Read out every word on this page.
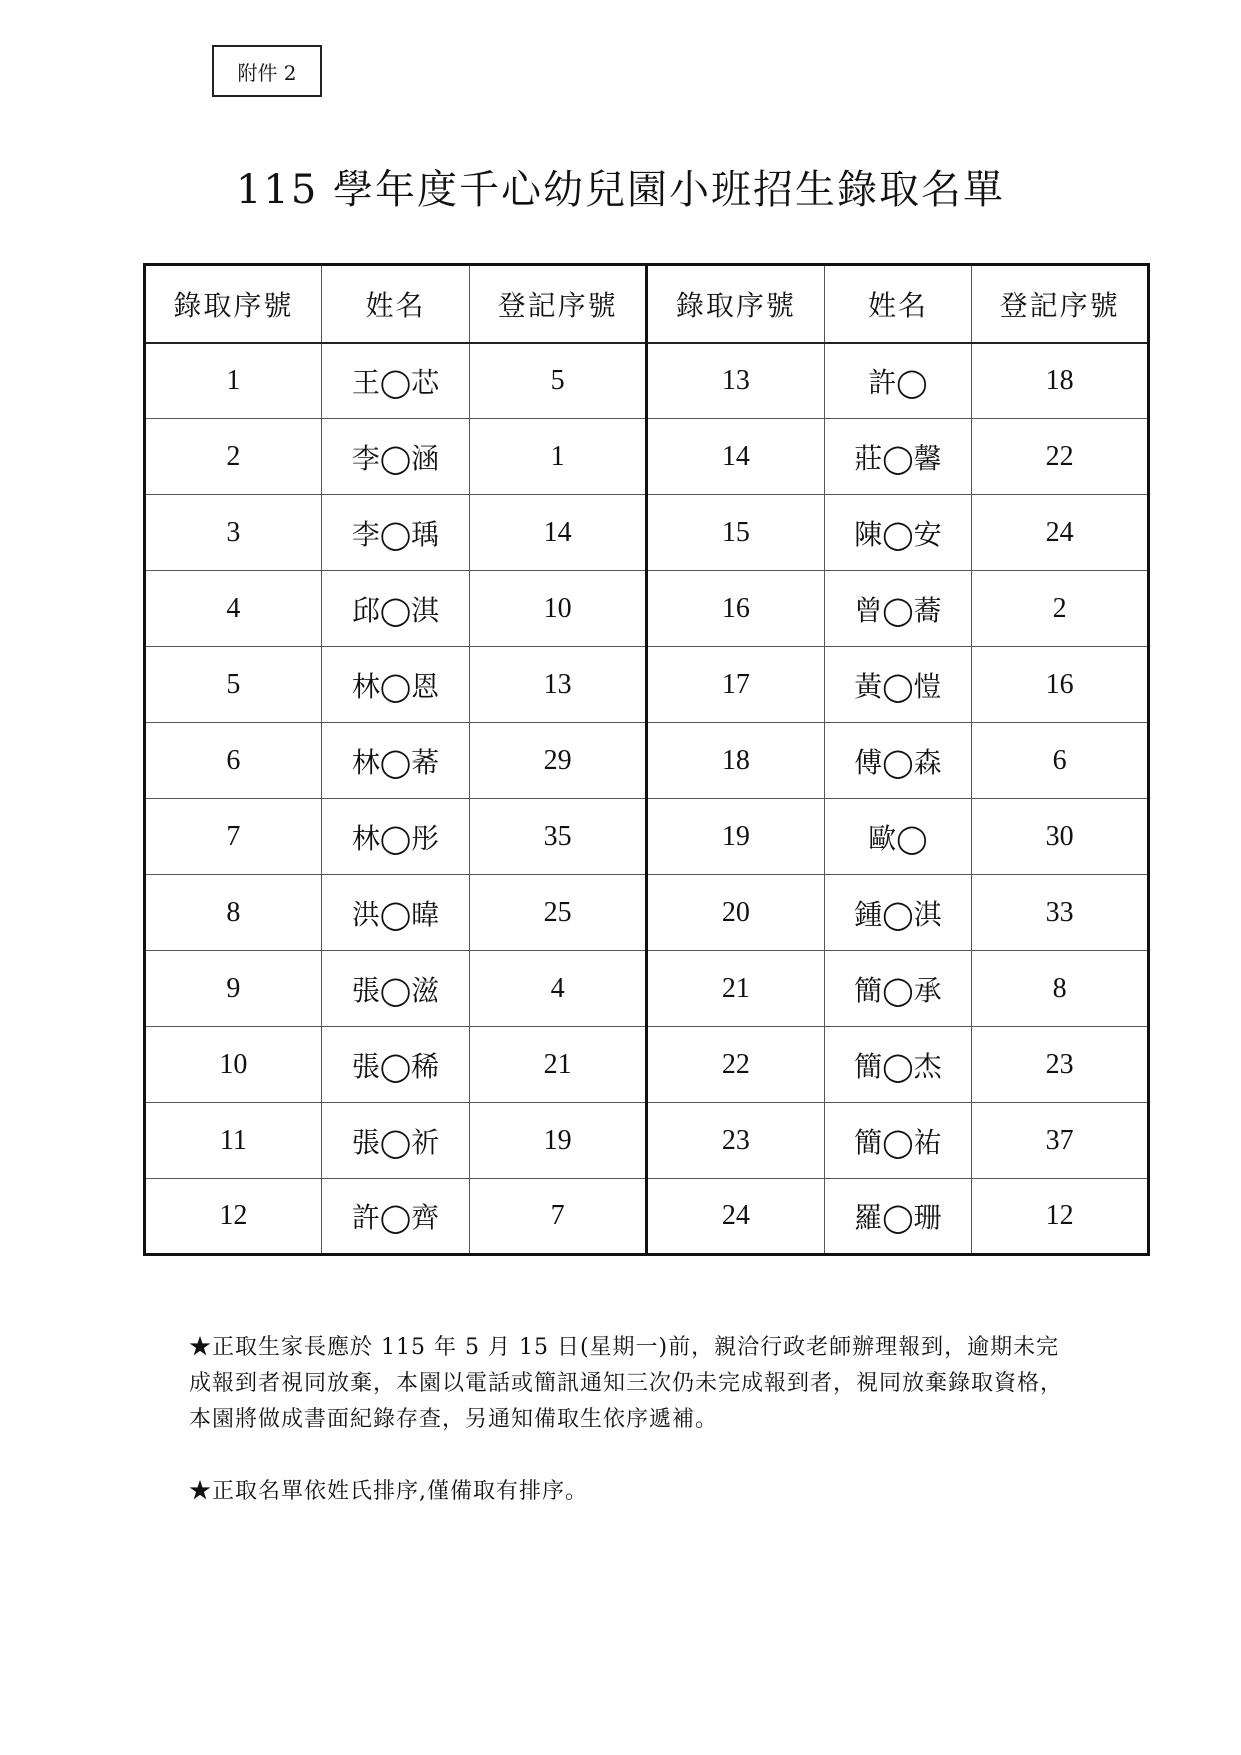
附件 2
115 學年度千心幼兒園小班招生錄取名單
錄取序號	姓名	登記序號	錄取序號	姓名	登記序號
1	王◯芯	5	13	許◯	18
2	李◯涵	1	14	莊◯馨	22
3	李◯瑀	14	15	陳◯安	24
4	邱◯淇	10	16	曾◯蕎	2
5	林◯恩	13	17	黃◯愷	16
6	林◯莃	29	18	傅◯森	6
7	林◯彤	35	19	歐◯	30
8	洪◯暐	25	20	鍾◯淇	33
9	張◯滋	4	21	簡◯承	8
10	張◯稀	21	22	簡◯杰	23
11	張◯祈	19	23	簡◯祐	37
12	許◯齊	7	24	羅◯珊	12

★正取生家長應於 115 年 5 月 15 日(星期一)前，親洽行政老師辦理報到，逾期未完成報到者視同放棄，本園以電話或簡訊通知三次仍未完成報到者，視同放棄錄取資格，本園將做成書面紀錄存查，另通知備取生依序遞補。

★正取名單依姓氏排序,僅備取有排序。
